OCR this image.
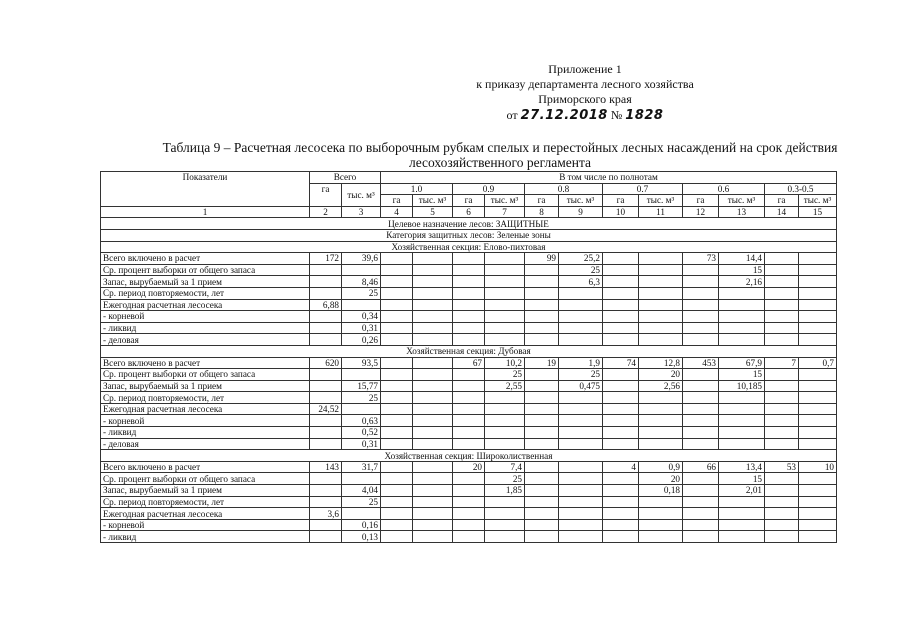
Приложение 1
к приказу департамента лесного хозяйства
Приморского края
от 27.12.2018 № 1828
Таблица 9 – Расчетная лесосека по выборочным рубкам спелых и перестойных лесных насаждений на срок действия
лесохозяйственного регламента
Показатели	Всего		В том числе по полнотам											
	га	тыс. м³	1.0		0.9		0.8		0.7		0.6		0.3-0.5	
			га	тыс. м³	га	тыс. м³	га	тыс. м³	га	тыс. м³	га	тыс. м³	га	тыс. м³
1	2	3	4	5	6	7	8	9	10	11	12	13	14	15
Целевое назначение лесов: ЗАЩИТНЫЕ														
Категория защитных лесов: Зеленые зоны														
Хозяйственная секция: Елово-пихтовая														
Всего включено в расчет	172	39,6					99	25,2			73	14,4		
Ср. процент выборки от общего запаса								25				15		
Запас, вырубаемый за 1 прием		8,46						6,3				2,16		
Ср. период повторяемости, лет		25												
Ежегодная расчетная лесосека	6,88													
- корневой		0,34												
- ликвид		0,31												
- деловая		0,26												
Хозяйственная секция: Дубовая														
Всего включено в расчет	620	93,5			67	10,2	19	1,9	74	12,8	453	67,9	7	0,7
Ср. процент выборки от общего запаса						25		25		20		15		
Запас, вырубаемый за 1 прием		15,77				2,55		0,475		2,56		10,185		
Ср. период повторяемости, лет		25												
Ежегодная расчетная лесосека	24,52													
- корневой		0,63												
- ликвид		0,52												
- деловая		0,31												
Хозяйственная секция: Широколиственная														
Всего включено в расчет	143	31,7			20	7,4			4	0,9	66	13,4	53	10
Ср. процент выборки от общего запаса						25				20		15		
Запас, вырубаемый за 1 прием		4,04				1,85				0,18		2,01		
Ср. период повторяемости, лет		25												
Ежегодная расчетная лесосека	3,6													
- корневой		0,16												
- ликвид		0,13												
